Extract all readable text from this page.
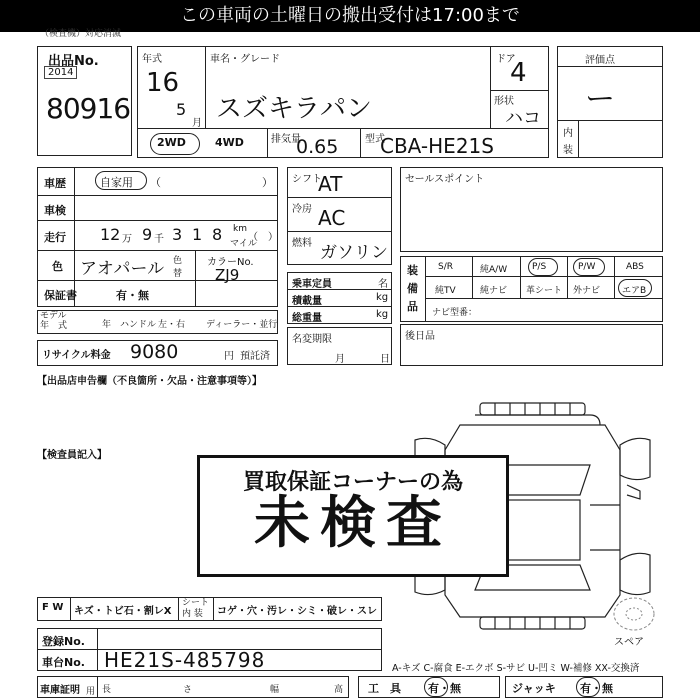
この車両の土曜日の搬出受付は17:00まで
（検査機）対応消滅
出品No.
2014
80916
年式
16
5
月
車名・グレード
スズキラパン
ドア
4
形状
ハコ
2WD	4WD	排気量
0.65	型式
CBA-HE21S
評価点
ー
内
装
車歴	自家用 （	）
車検
走行 12 万 9 千 3 1 8 km
マイル
（　）
色 アオパール 色
替
カラーNo.
ZJ9
保証書	有・無
モデル
年　式	年 ハンドル 左・右 ディーラー・並行
リサイクル料金 9080	円 預託済
シフト
AT
冷房 AC
燃料 ガソリン
乗車定員	名
積載量	kg
総重量	kg
名変期限
月	日
セールスポイント
装
備
品
S/R	純A/W	P/S	P/W	ABS
純TV	純ナビ 革シート 外ナビ エアB
ナビ型番：
後日品
【出品店申告欄（不良箇所・欠品・注意事項等）】
【検査員記入】
スペア
買取保証コーナーの為
未検査
F W キズ・トビ石・割レX
シート
内 装 コゲ・穴・汚レ・シミ・破レ・スレ
登録No.
車台No. HE21S-485798	A-キズ C-腐食 E-エクボ S-サビ U-凹ミ W-補修 XX-交換済
車庫証明 用 長	さ	幅	高 工　具 有・無	ジャッキ 有・無
